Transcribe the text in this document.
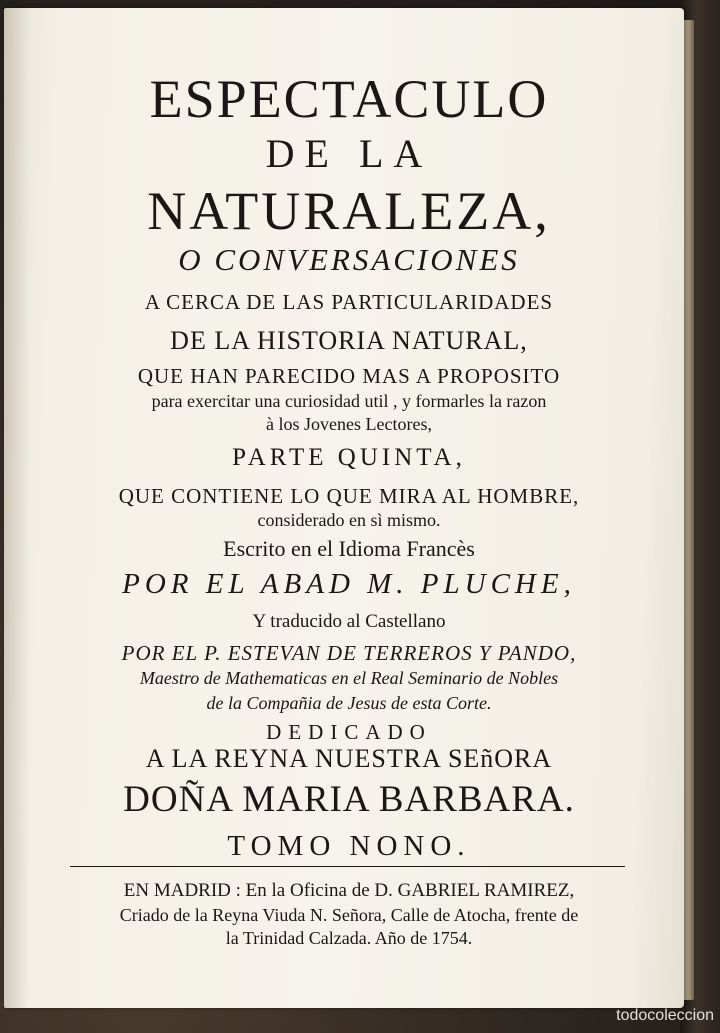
ESPECTACULO
DE LA
NATURALEZA,
O CONVERSACIONES
A CERCA DE LAS PARTICULARIDADES
DE LA HISTORIA NATURAL,
QUE HAN PARECIDO MAS A PROPOSITO
para exercitar una curiosidad util , y formarles la razon
à los Jovenes Lectores,
PARTE QUINTA,
QUE CONTIENE LO QUE MIRA AL HOMBRE,
considerado en sì mismo.
Escrito en el Idioma Francès
POR EL ABAD M. PLUCHE,
Y traducido al Castellano
POR EL P. ESTEVAN DE TERREROS Y PANDO,
Maestro de Mathematicas en el Real Seminario de Nobles
de la Compañia de Jesus de esta Corte.
DEDICADO
A LA REYNA NUESTRA SEñORA
DOÑA MARIA BARBARA.
TOMO NONO.
EN MADRID : En la Oficina de D. GABRIEL RAMIREZ,
Criado de la Reyna Viuda N. Señora, Calle de Atocha, frente de
la Trinidad Calzada. Año de 1754.
todocoleccion
